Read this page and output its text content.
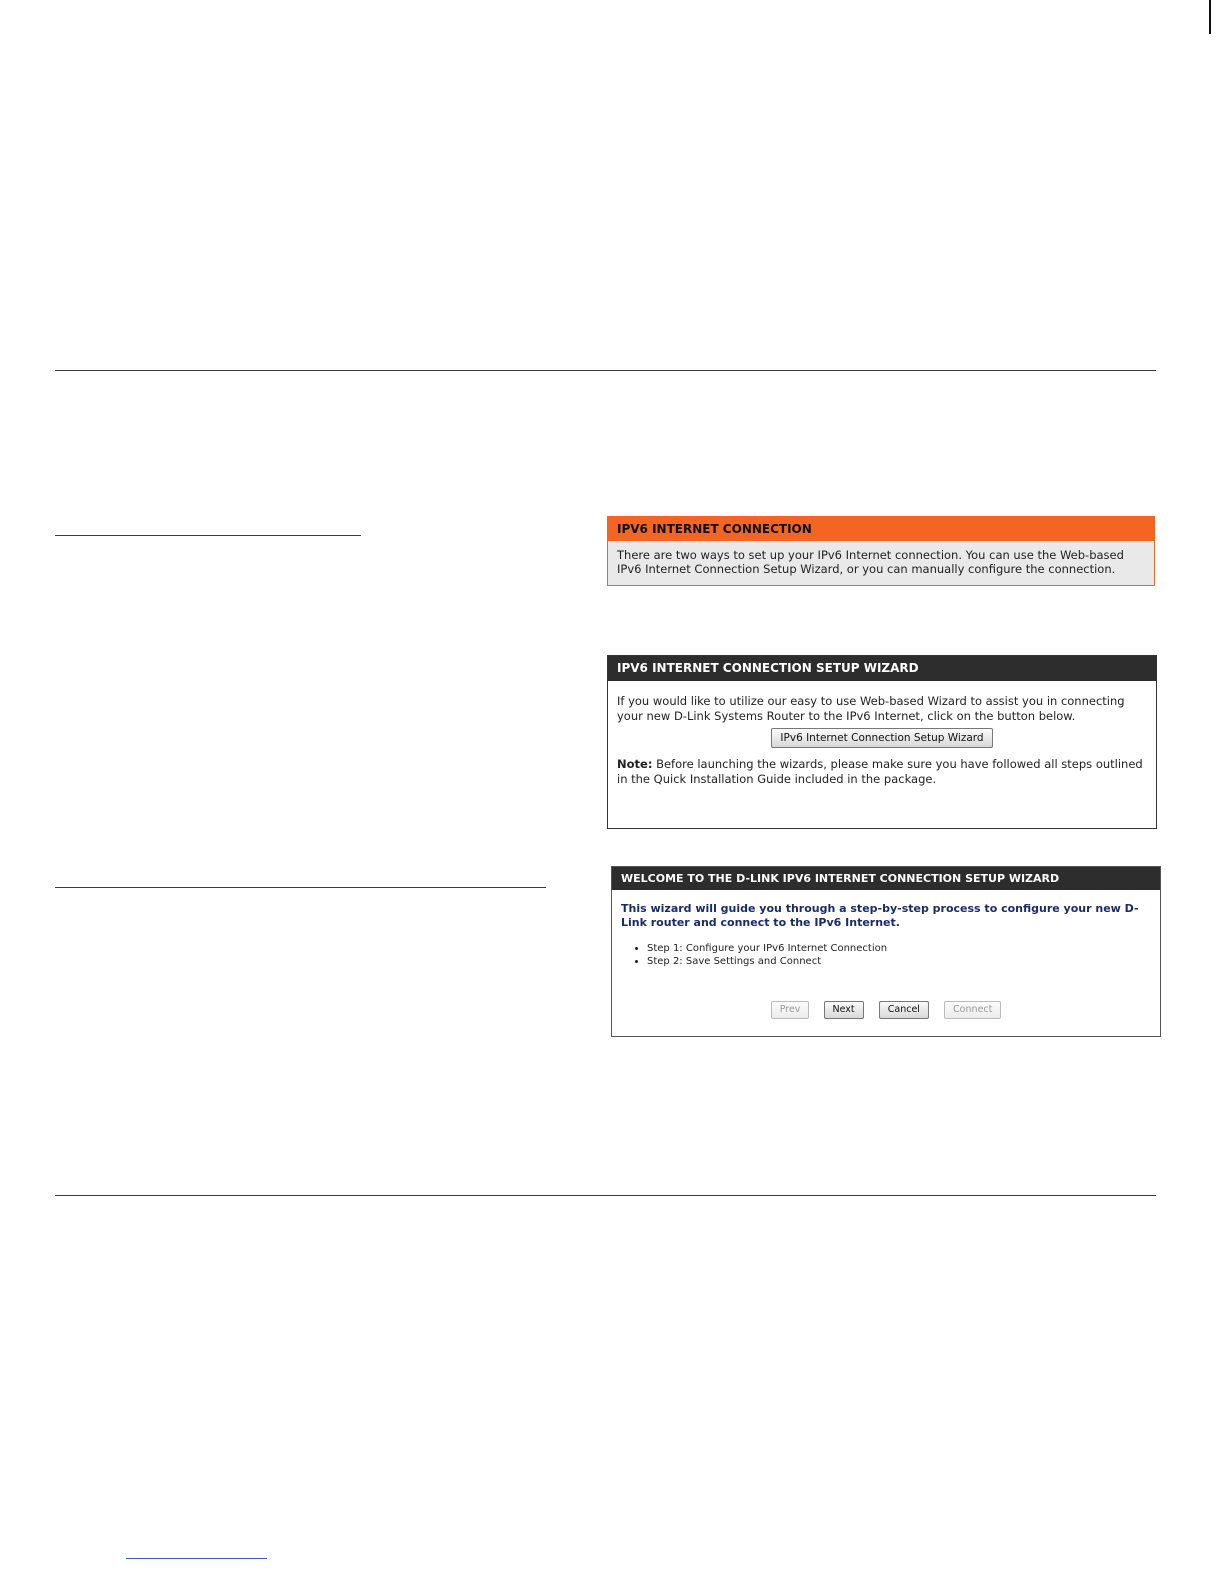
IPV6 INTERNET CONNECTION
There are two ways to set up your IPv6 Internet connection. You can use the Web-based IPv6 Internet Connection Setup Wizard, or you can manually configure the connection.
IPV6 INTERNET CONNECTION SETUP WIZARD
If you would like to utilize our easy to use Web-based Wizard to assist you in connecting your new D-Link Systems Router to the IPv6 Internet, click on the button below.
IPv6 Internet Connection Setup Wizard
Note: Before launching the wizards, please make sure you have followed all steps outlined in the Quick Installation Guide included in the package.
WELCOME TO THE D-LINK IPV6 INTERNET CONNECTION SETUP WIZARD
This wizard will guide you through a step-by-step process to configure your new D-Link router and connect to the IPv6 Internet.
• Step 1: Configure your IPv6 Internet Connection
• Step 2: Save Settings and Connect
Prev	Next	Cancel	Connect
